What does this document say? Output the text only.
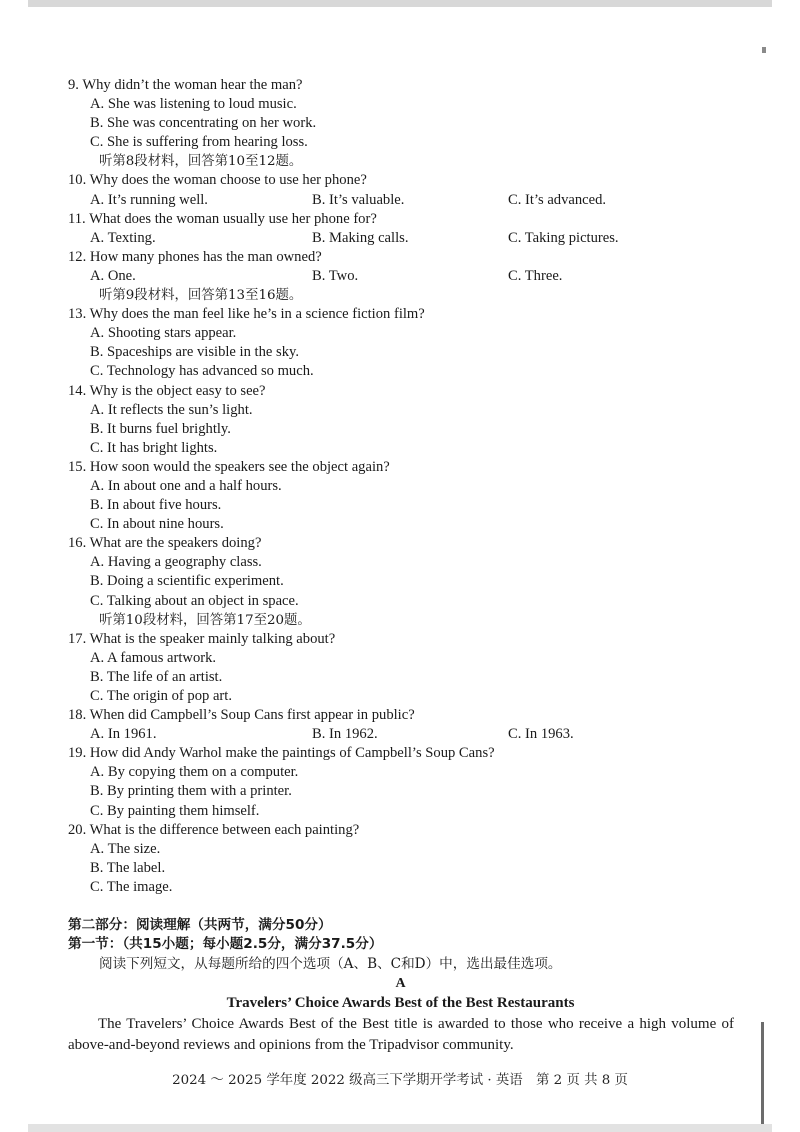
9. Why didn’t the woman hear the man?
A. She was listening to loud music.
B. She was concentrating on her work.
C. She is suffering from hearing loss.
听第8段材料，回答第10至12题。
10. Why does the woman choose to use her phone?
A. It’s running well.	B. It’s valuable.	C. It’s advanced.
11. What does the woman usually use her phone for?
A. Texting.	B. Making calls.	C. Taking pictures.
12. How many phones has the man owned?
A. One.	B. Two.	C. Three.
听第9段材料，回答第13至16题。
13. Why does the man feel like he’s in a science fiction film?
A. Shooting stars appear.
B. Spaceships are visible in the sky.
C. Technology has advanced so much.
14. Why is the object easy to see?
A. It reflects the sun’s light.
B. It burns fuel brightly.
C. It has bright lights.
15. How soon would the speakers see the object again?
A. In about one and a half hours.
B. In about five hours.
C. In about nine hours.
16. What are the speakers doing?
A. Having a geography class.
B. Doing a scientific experiment.
C. Talking about an object in space.
听第10段材料，回答第17至20题。
17. What is the speaker mainly talking about?
A. A famous artwork.
B. The life of an artist.
C. The origin of pop art.
18. When did Campbell’s Soup Cans first appear in public?
A. In 1961.	B. In 1962.	C. In 1963.
19. How did Andy Warhol make the paintings of Campbell’s Soup Cans?
A. By copying them on a computer.
B. By printing them with a printer.
C. By painting them himself.
20. What is the difference between each painting?
A. The size.
B. The label.
C. The image.
第二部分：阅读理解（共两节，满分50分）
第一节：（共15小题；每小题2.5分，满分37.5分）
阅读下列短文，从每题所给的四个选项（A、B、C和D）中，选出最佳选项。
A
Travelers’ Choice Awards Best of the Best Restaurants
The Travelers’ Choice Awards Best of the Best title is awarded to those who receive a high volume of above-and-beyond reviews and opinions from the Tripadvisor community.
2024 ～ 2025 学年度 2022 级高三下学期开学考试 · 英语　第 2 页 共 8 页
